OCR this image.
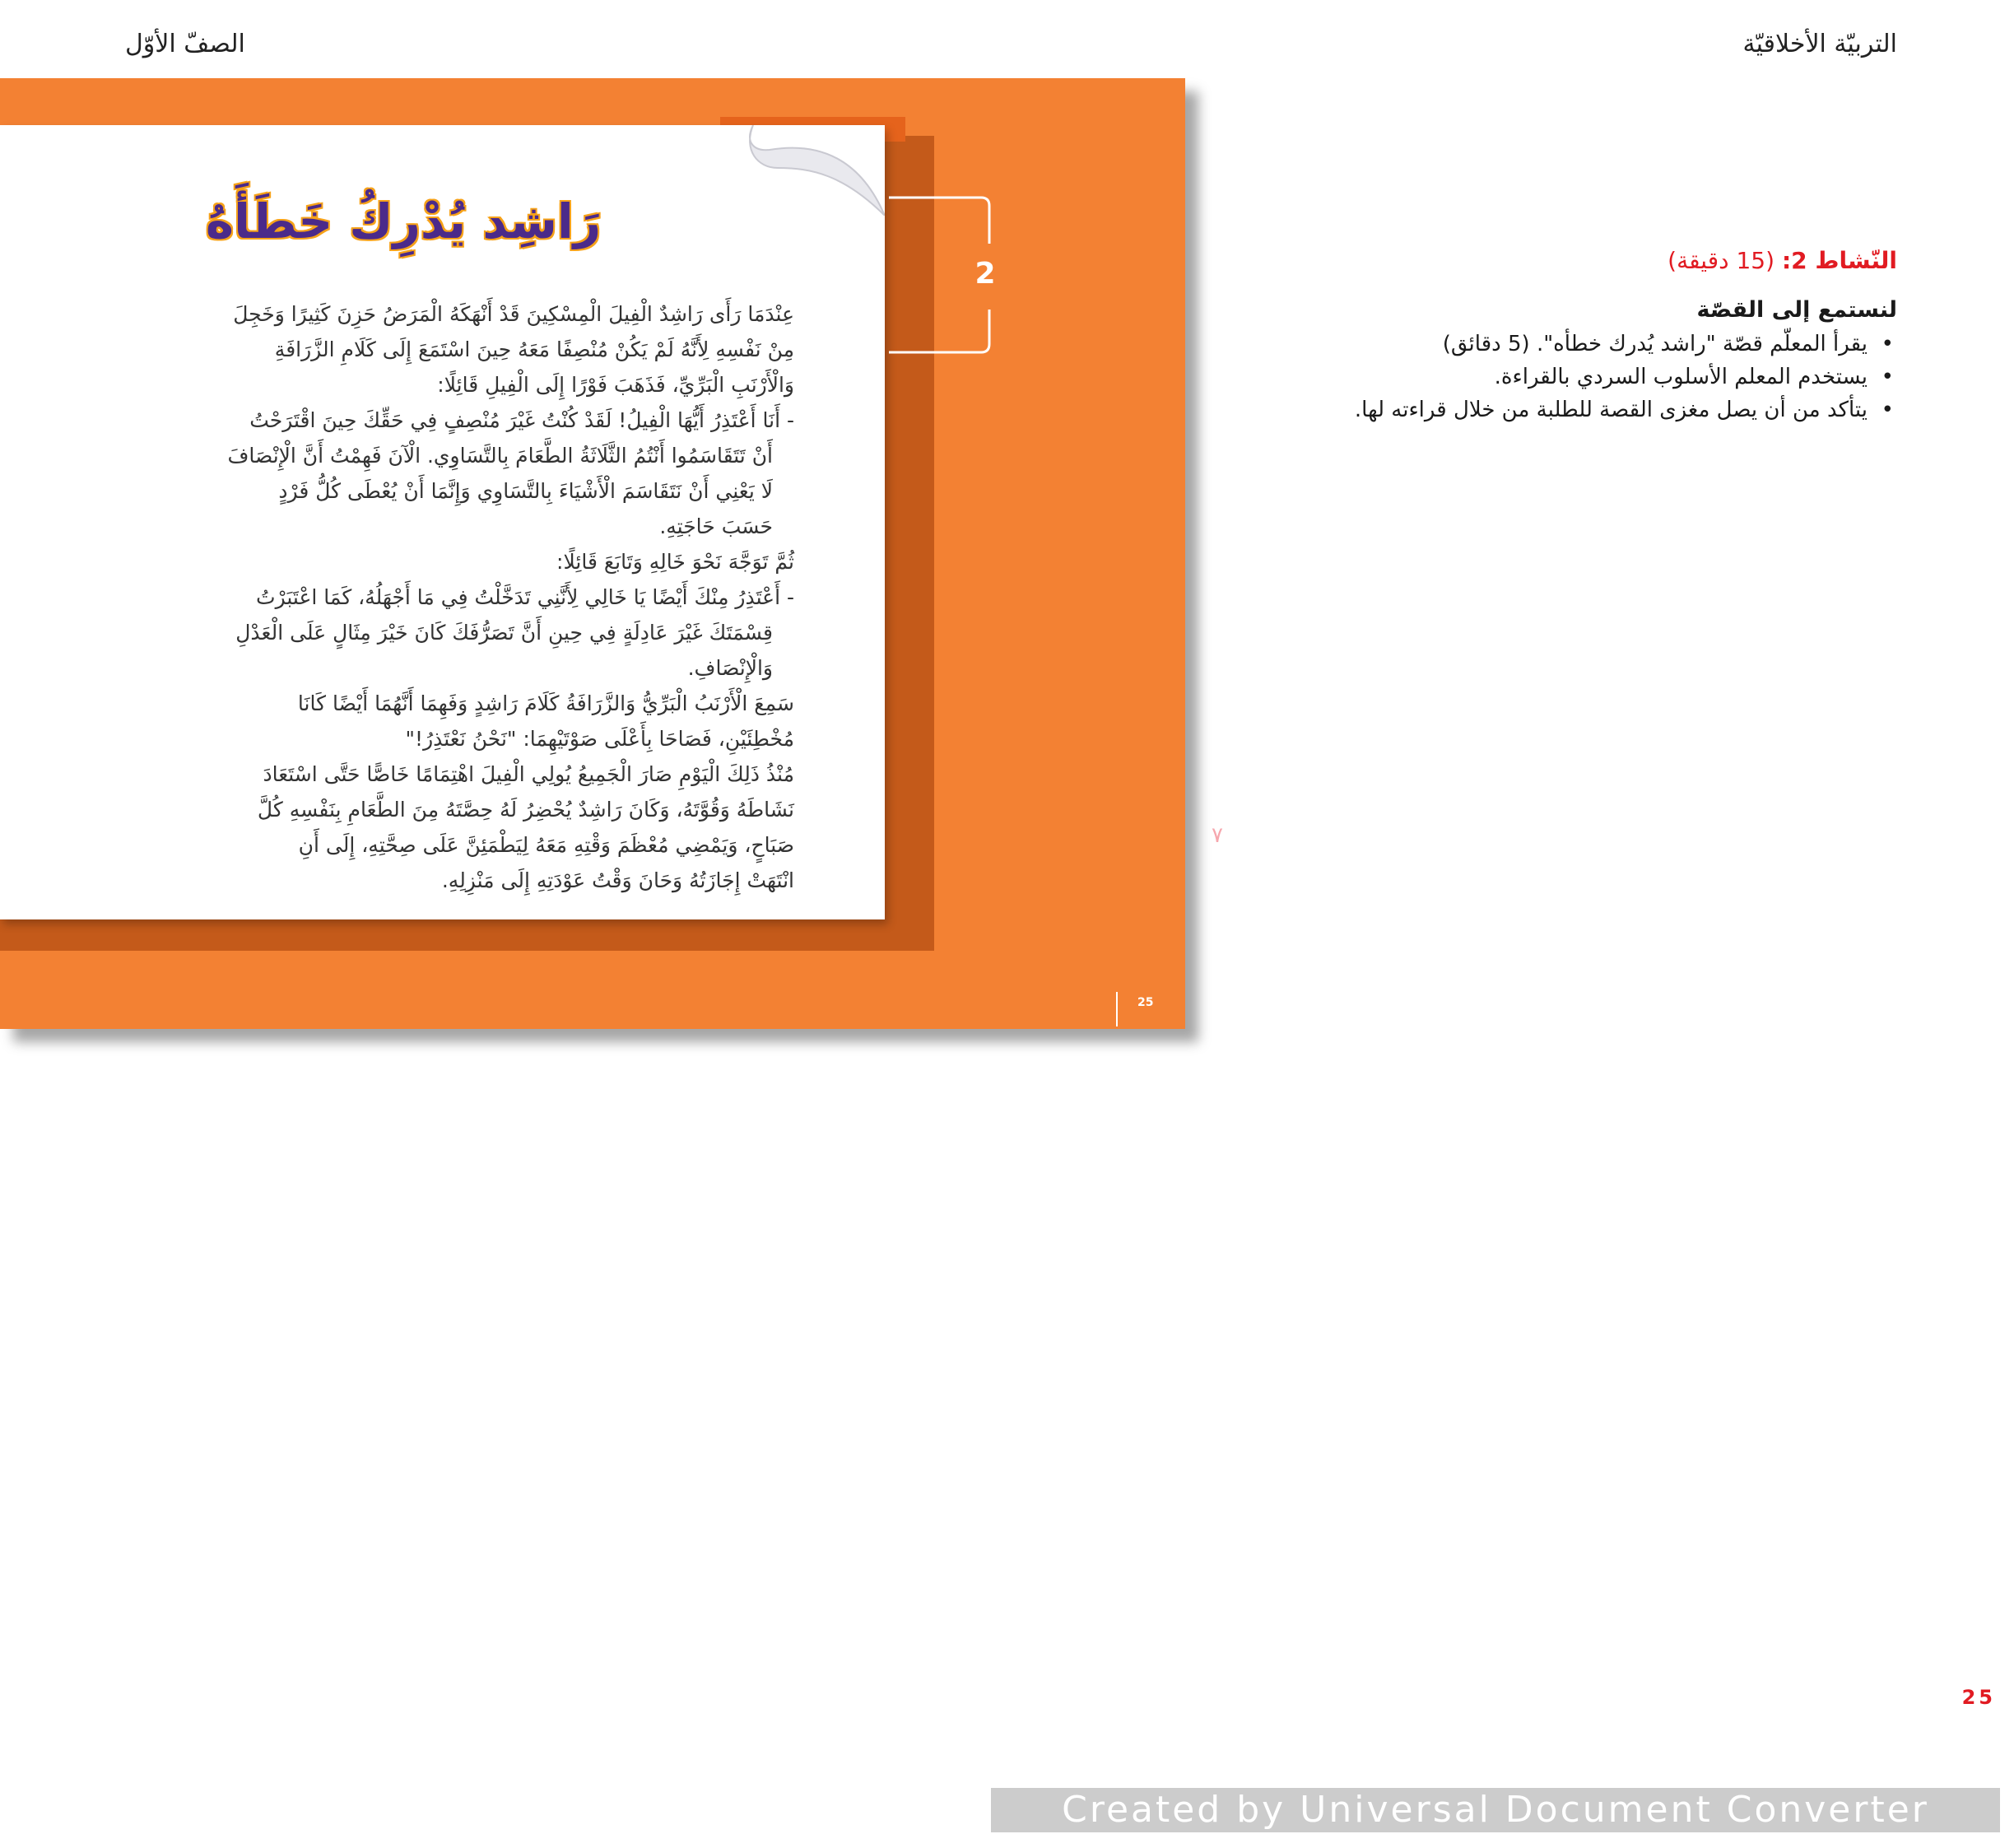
التربيّة الأخلاقيّة
الصفّ الأوّل
رَاشِد يُدْرِكُ خَطَأَهُ
عِنْدَمَا رَأَى رَاشِدٌ الْفِيلَ الْمِسْكِينَ قَدْ أَنْهَكَهُ الْمَرَضُ حَزِنَ كَثِيرًا وَخَجِلَ
مِنْ نَفْسِهِ لِأَنَّهُ لَمْ يَكُنْ مُنْصِفًا مَعَهُ حِينَ اسْتَمَعَ إِلَى كَلَامِ الزَّرَافَةِ
وَالْأَرْنَبِ الْبَرِّيِّ، فَذَهَبَ فَوْرًا إِلَى الْفِيلِ قَائِلًا:
- أَنَا أَعْتَذِرُ أَيُّهَا الْفِيلُ! لَقَدْ كُنْتُ غَيْرَ مُنْصِفٍ فِي حَقِّكَ حِينَ اقْتَرَحْتُ
أَنْ تَتَقَاسَمُوا أَنْتُمُ الثَّلَاثَةُ الطَّعَامَ بِالتَّسَاوِي. الْآنَ فَهِمْتُ أَنَّ الْإِنْصَافَ
لَا يَعْنِي أَنْ نَتَقَاسَمَ الْأَشْيَاءَ بِالتَّسَاوِي وَإِنَّمَا أَنْ يُعْطَى كُلُّ فَرْدٍ
حَسَبَ حَاجَتِهِ.
ثُمَّ تَوَجَّهَ نَحْوَ خَالِهِ وَتَابَعَ قَائِلًا:
- أَعْتَذِرُ مِنْكَ أَيْضًا يَا خَالِي لِأَنَّنِي تَدَخَّلْتُ فِي مَا أَجْهَلُهُ، كَمَا اعْتَبَرْتُ
قِسْمَتَكَ غَيْرَ عَادِلَةٍ فِي حِينِ أَنَّ تَصَرُّفَكَ كَانَ خَيْرَ مِثَالٍ عَلَى الْعَدْلِ
وَالْإِنْصَافِ.
سَمِعَ الْأَرْنَبُ الْبَرِّيُّ وَالزَّرَافَةُ كَلَامَ رَاشِدٍ وَفَهِمَا أَنَّهُمَا أَيْضًا كَانَا
مُخْطِئَيْنِ، فَصَاحَا بِأَعْلَى صَوْتَيْهِمَا: "نَحْنُ نَعْتَذِرُ!"
مُنْذُ ذَلِكَ الْيَوْمِ صَارَ الْجَمِيعُ يُولِي الْفِيلَ اهْتِمَامًا خَاصًّا حَتَّى اسْتَعَادَ
نَشَاطَهُ وَقُوَّتَهُ، وَكَانَ رَاشِدٌ يُحْضِرُ لَهُ حِصَّتَهُ مِنَ الطَّعَامِ بِنَفْسِهِ كُلَّ
صَبَاحٍ، وَيَمْضِي مُعْظَمَ وَقْتِهِ مَعَهُ لِيَطْمَئِنَّ عَلَى صِحَّتِهِ، إِلَى أَنِ
انْتَهَتْ إِجَازَتُهُ وَحَانَ وَقْتُ عَوْدَتِهِ إِلَى مَنْزِلِهِ.
2
25
٧
النّشاط 2: (15 دقيقة)
لنستمع إلى القصّة
• يقرأ المعلّم قصّة "راشد يُدرك خطأه". (5 دقائق)
• يستخدم المعلم الأسلوب السردي بالقراءة.
• يتأكد من أن يصل مغزى القصة للطلبة من خلال قراءته لها.
25
Created by Universal Document Converter
